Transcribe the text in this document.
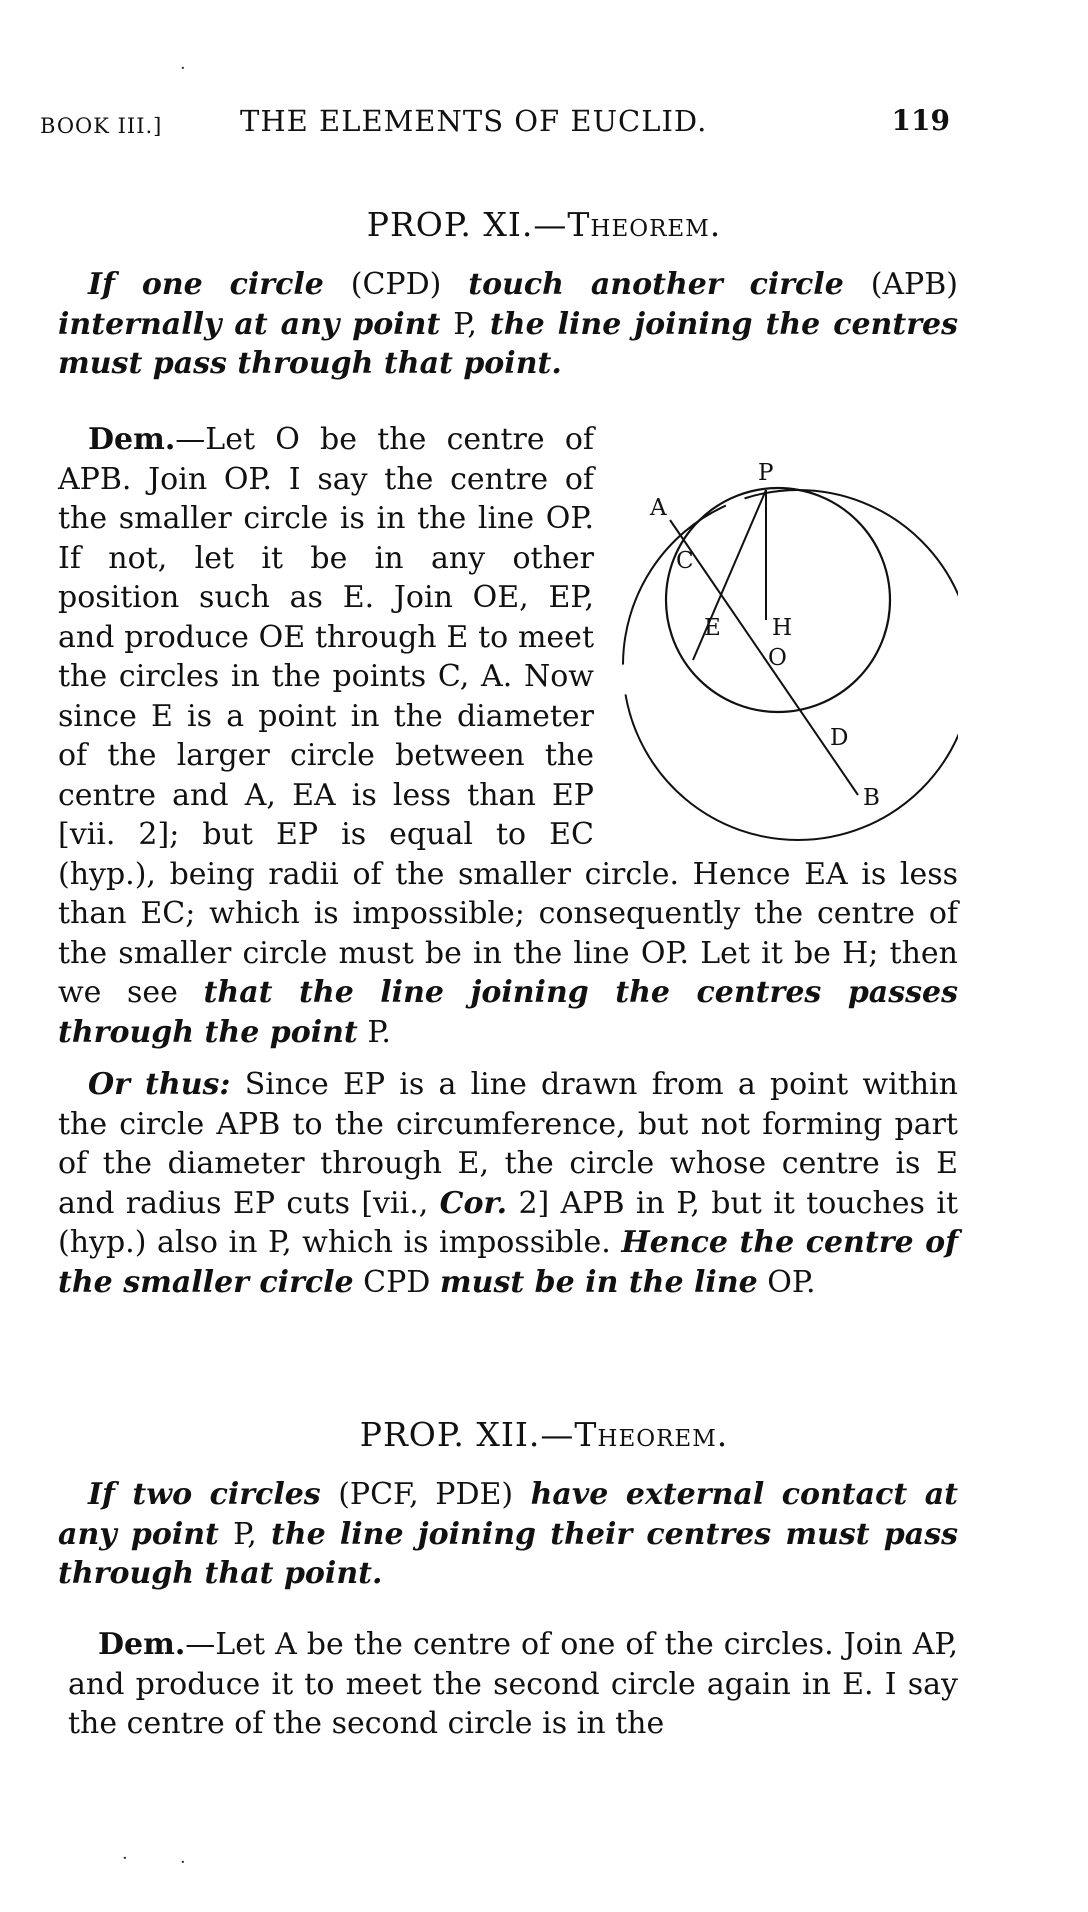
BOOK III.]	THE ELEMENTS OF EUCLID.	119
·
PROP. XI.—Theorem.
If one circle (CPD) touch another circle (APB) internally at any point P, the line joining the centres must pass through that point.
A
P
C
E H
O
D
B
Dem.—Let O be the centre of APB. Join OP. I say the centre of the smaller circle is in the line OP. If not, let it be in any other position such as E. Join OE, EP, and produce OE through E to meet the circles in the points C, A. Now since E is a point in the diameter of the larger circle between the centre and A, EA is less than EP [vii. 2]; but EP is equal to EC (hyp.), being radii of the smaller circle. Hence EA is less than EC; which is impossible; consequently the centre of the smaller circle must be in the line OP. Let it be H; then we see that the line joining the centres passes through the point P.
Or thus: Since EP is a line drawn from a point within the circle APB to the circumference, but not forming part of the diameter through E, the circle whose centre is E and radius EP cuts [vii., Cor. 2] APB in P, but it touches it (hyp.) also in P, which is impossible. Hence the centre of the smaller circle CPD must be in the line OP.
PROP. XII.—Theorem.
If two circles (PCF, PDE) have external contact at any point P, the line joining their centres must pass through that point.
Dem.—Let A be the centre of one of the circles. Join AP, and produce it to meet the second circle again in E. I say the centre of the second circle is in the
·	·
